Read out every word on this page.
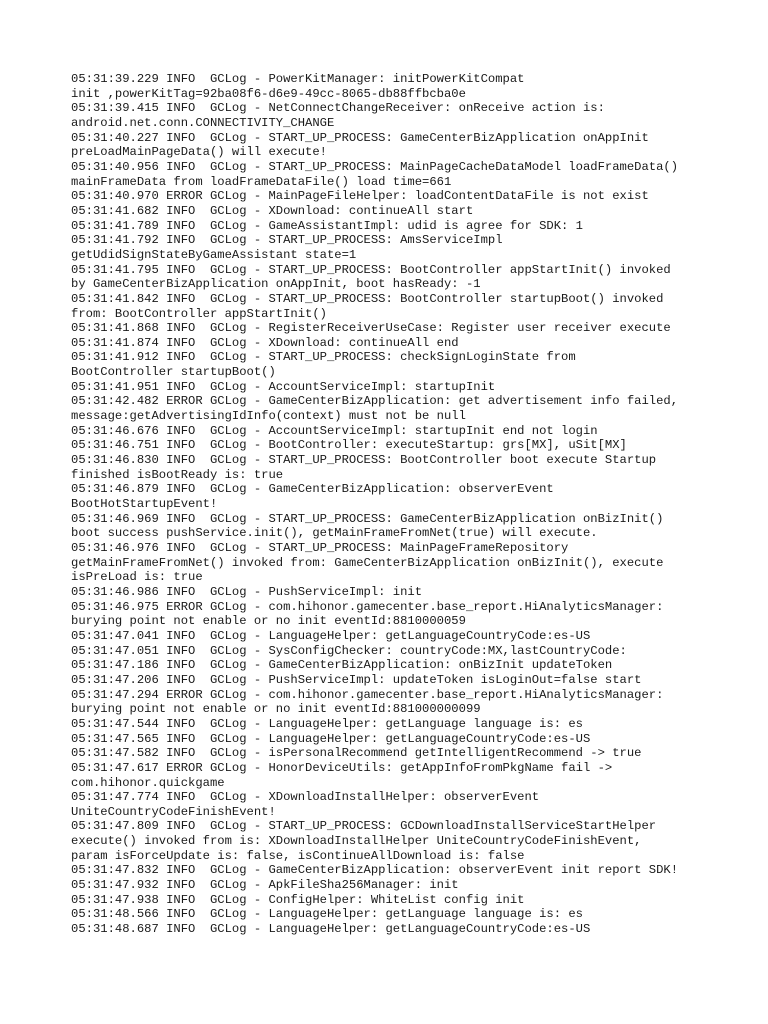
05:31:39.229 INFO  GCLog - PowerKitManager: initPowerKitCompat
init ,powerKitTag=92ba08f6-d6e9-49cc-8065-db88ffbcba0e
05:31:39.415 INFO  GCLog - NetConnectChangeReceiver: onReceive action is:
android.net.conn.CONNECTIVITY_CHANGE
05:31:40.227 INFO  GCLog - START_UP_PROCESS: GameCenterBizApplication onAppInit
preLoadMainPageData() will execute!
05:31:40.956 INFO  GCLog - START_UP_PROCESS: MainPageCacheDataModel loadFrameData()
mainFrameData from loadFrameDataFile() load time=661
05:31:40.970 ERROR GCLog - MainPageFileHelper: loadContentDataFile is not exist
05:31:41.682 INFO  GCLog - XDownload: continueAll start
05:31:41.789 INFO  GCLog - GameAssistantImpl: udid is agree for SDK: 1
05:31:41.792 INFO  GCLog - START_UP_PROCESS: AmsServiceImpl
getUdidSignStateByGameAssistant state=1
05:31:41.795 INFO  GCLog - START_UP_PROCESS: BootController appStartInit() invoked
by GameCenterBizApplication onAppInit, boot hasReady: -1
05:31:41.842 INFO  GCLog - START_UP_PROCESS: BootController startupBoot() invoked
from: BootController appStartInit()
05:31:41.868 INFO  GCLog - RegisterReceiverUseCase: Register user receiver execute
05:31:41.874 INFO  GCLog - XDownload: continueAll end
05:31:41.912 INFO  GCLog - START_UP_PROCESS: checkSignLoginState from
BootController startupBoot()
05:31:41.951 INFO  GCLog - AccountServiceImpl: startupInit
05:31:42.482 ERROR GCLog - GameCenterBizApplication: get advertisement info failed,
message:getAdvertisingIdInfo(context) must not be null
05:31:46.676 INFO  GCLog - AccountServiceImpl: startupInit end not login
05:31:46.751 INFO  GCLog - BootController: executeStartup: grs[MX], uSit[MX]
05:31:46.830 INFO  GCLog - START_UP_PROCESS: BootController boot execute Startup
finished isBootReady is: true
05:31:46.879 INFO  GCLog - GameCenterBizApplication: observerEvent
BootHotStartupEvent!
05:31:46.969 INFO  GCLog - START_UP_PROCESS: GameCenterBizApplication onBizInit()
boot success pushService.init(), getMainFrameFromNet(true) will execute.
05:31:46.976 INFO  GCLog - START_UP_PROCESS: MainPageFrameRepository
getMainFrameFromNet() invoked from: GameCenterBizApplication onBizInit(), execute
isPreLoad is: true
05:31:46.986 INFO  GCLog - PushServiceImpl: init
05:31:46.975 ERROR GCLog - com.hihonor.gamecenter.base_report.HiAnalyticsManager:
burying point not enable or no init eventId:8810000059
05:31:47.041 INFO  GCLog - LanguageHelper: getLanguageCountryCode:es-US
05:31:47.051 INFO  GCLog - SysConfigChecker: countryCode:MX,lastCountryCode:
05:31:47.186 INFO  GCLog - GameCenterBizApplication: onBizInit updateToken
05:31:47.206 INFO  GCLog - PushServiceImpl: updateToken isLoginOut=false start
05:31:47.294 ERROR GCLog - com.hihonor.gamecenter.base_report.HiAnalyticsManager:
burying point not enable or no init eventId:881000000099
05:31:47.544 INFO  GCLog - LanguageHelper: getLanguage language is: es
05:31:47.565 INFO  GCLog - LanguageHelper: getLanguageCountryCode:es-US
05:31:47.582 INFO  GCLog - isPersonalRecommend getIntelligentRecommend -> true
05:31:47.617 ERROR GCLog - HonorDeviceUtils: getAppInfoFromPkgName fail ->
com.hihonor.quickgame
05:31:47.774 INFO  GCLog - XDownloadInstallHelper: observerEvent
UniteCountryCodeFinishEvent!
05:31:47.809 INFO  GCLog - START_UP_PROCESS: GCDownloadInstallServiceStartHelper
execute() invoked from is: XDownloadInstallHelper UniteCountryCodeFinishEvent,
param isForceUpdate is: false, isContinueAllDownload is: false
05:31:47.832 INFO  GCLog - GameCenterBizApplication: observerEvent init report SDK!
05:31:47.932 INFO  GCLog - ApkFileSha256Manager: init
05:31:47.938 INFO  GCLog - ConfigHelper: WhiteList config init
05:31:48.566 INFO  GCLog - LanguageHelper: getLanguage language is: es
05:31:48.687 INFO  GCLog - LanguageHelper: getLanguageCountryCode:es-US
